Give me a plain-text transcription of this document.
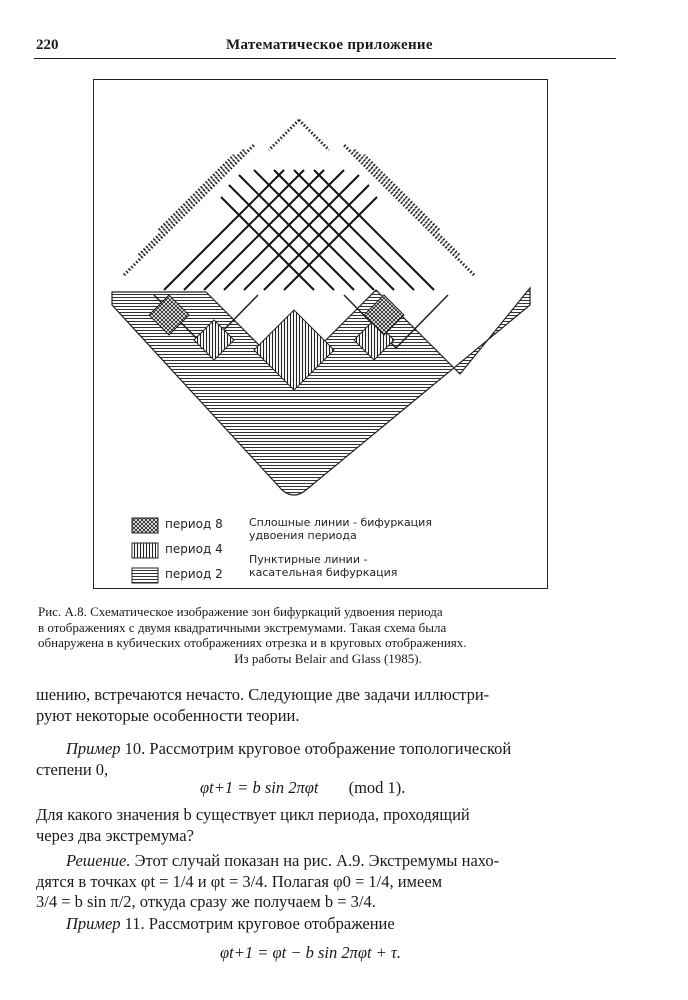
220	Математическое приложение
период 8
период 4
период 2
Сплошные линии - бифуркация
удвоения периода
Пунктирные линии -
касательная бифуркация
Рис. А.8. Схематическое изображение зон бифуркаций удвоения периода
в отображениях с двумя квадратичными экстремумами. Такая схема была
обнаружена в кубических отображениях отрезка и в круговых отображениях.
Из работы Belair and Glass (1985).
шению, встречаются нечасто. Следующие две задачи иллюстри-
руют некоторые особенности теории.
Пример 10. Рассмотрим круговое отображение топологической
степени 0,
φt+1 = b sin 2πφt (mod 1).
Для какого значения b существует цикл периода, проходящий
через два экстремума?
Решение. Этот случай показан на рис. А.9. Экстремумы нахо-
дятся в точках φt = 1/4 и φt = 3/4. Полагая φ0 = 1/4, имеем
3/4 = b sin π/2, откуда сразу же получаем b = 3/4.
Пример 11. Рассмотрим круговое отображение
φt+1 = φt − b sin 2πφt + τ.
